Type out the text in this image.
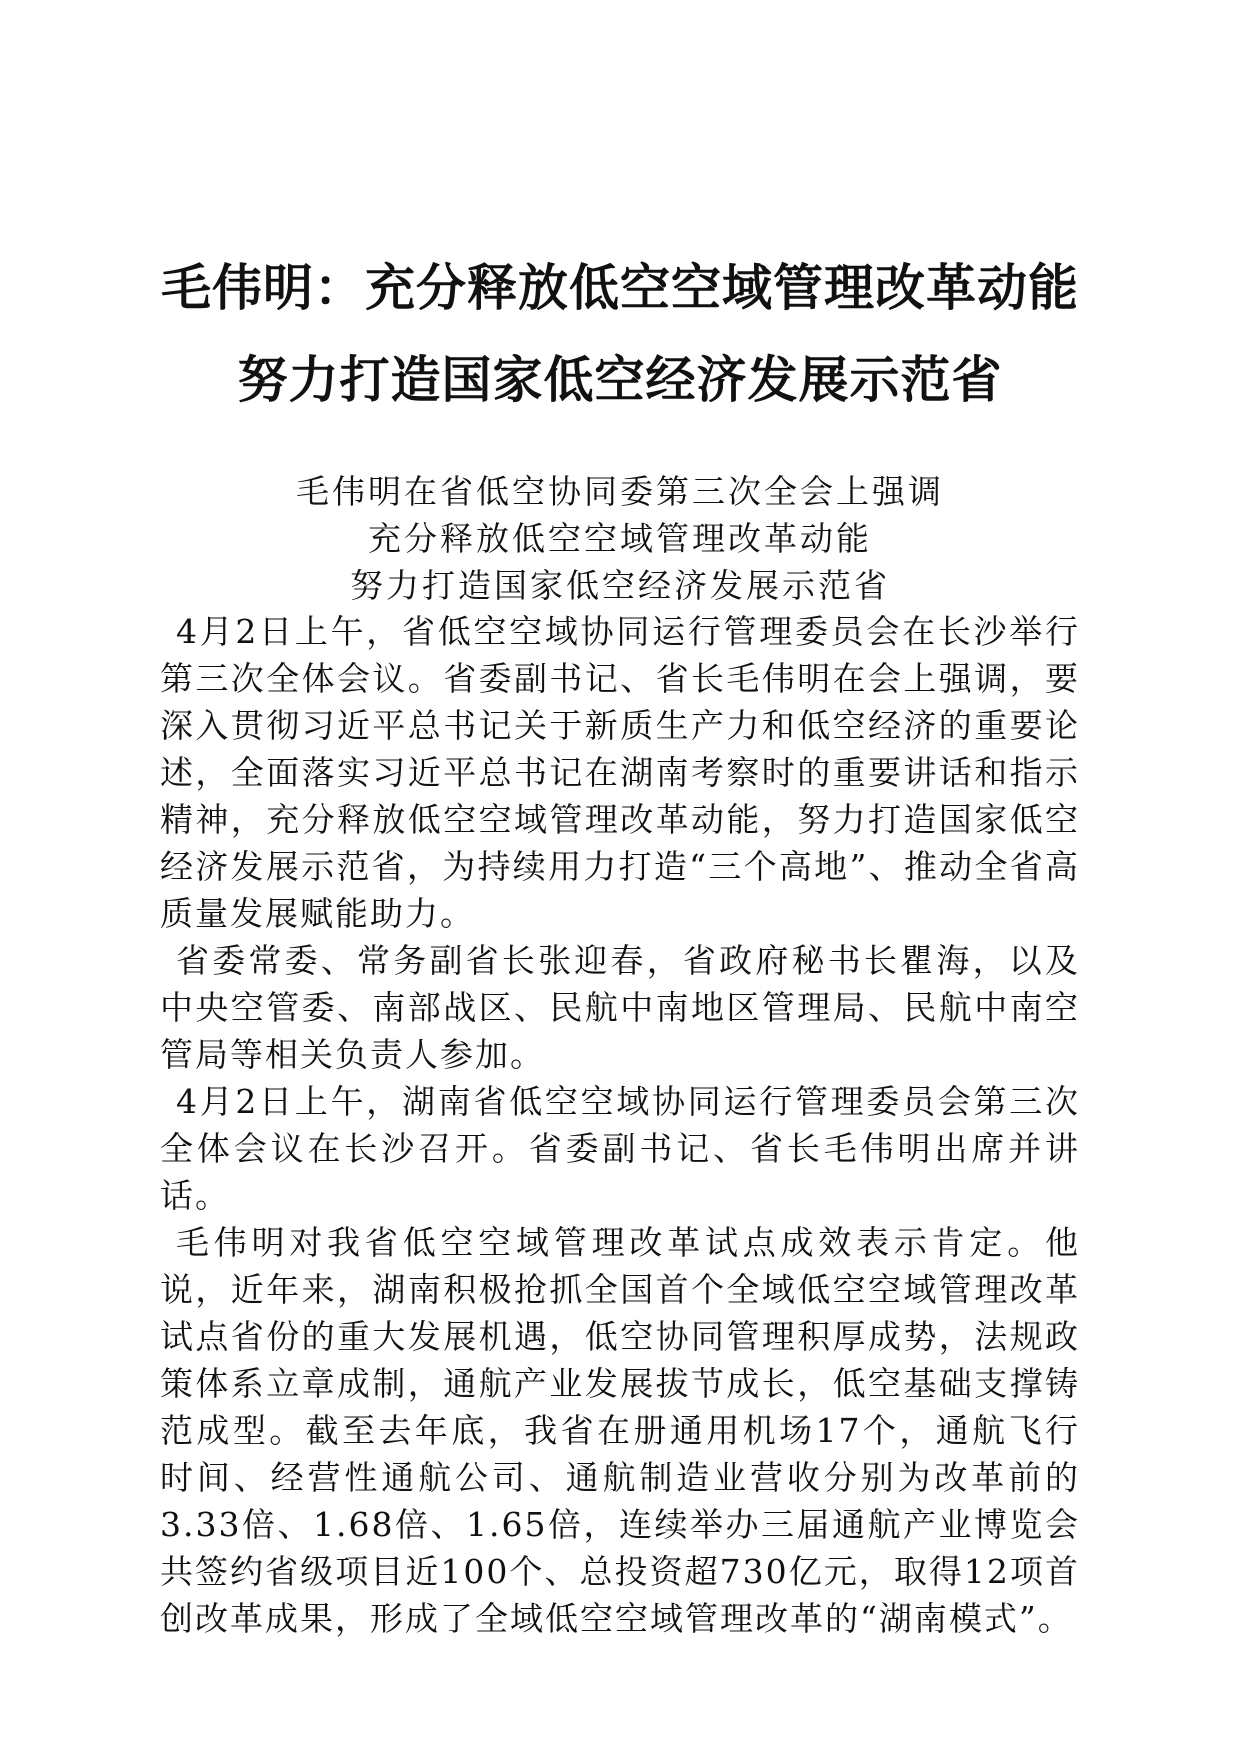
毛伟明：充分释放低空空域管理改革动能
努力打造国家低空经济发展示范省
毛伟明在省低空协同委第三次全会上强调
充分释放低空空域管理改革动能
努力打造国家低空经济发展示范省

4月2日上午，省低空空域协同运行管理委员会在长沙举行第三次全体会议。省委副书记、省长毛伟明在会上强调，要深入贯彻习近平总书记关于新质生产力和低空经济的重要论述，全面落实习近平总书记在湖南考察时的重要讲话和指示精神，充分释放低空空域管理改革动能，努力打造国家低空经济发展示范省，为持续用力打造“三个高地”、推动全省高质量发展赋能助力。

省委常委、常务副省长张迎春，省政府秘书长瞿海，以及中央空管委、南部战区、民航中南地区管理局、民航中南空管局等相关负责人参加。

4月2日上午，湖南省低空空域协同运行管理委员会第三次全体会议在长沙召开。省委副书记、省长毛伟明出席并讲话。

毛伟明对我省低空空域管理改革试点成效表示肯定。他说，近年来，湖南积极抢抓全国首个全域低空空域管理改革试点省份的重大发展机遇，低空协同管理积厚成势，法规政策体系立章成制，通航产业发展拔节成长，低空基础支撑铸范成型。截至去年底，我省在册通用机场17个，通航飞行时间、经营性通航公司、通航制造业营收分别为改革前的3.33倍、1.68倍、1.65倍，连续举办三届通航产业博览会共签约省级项目近100个、总投资超730亿元，取得12项首创改革成果，形成了全域低空空域管理改革的“湖南模式”。
